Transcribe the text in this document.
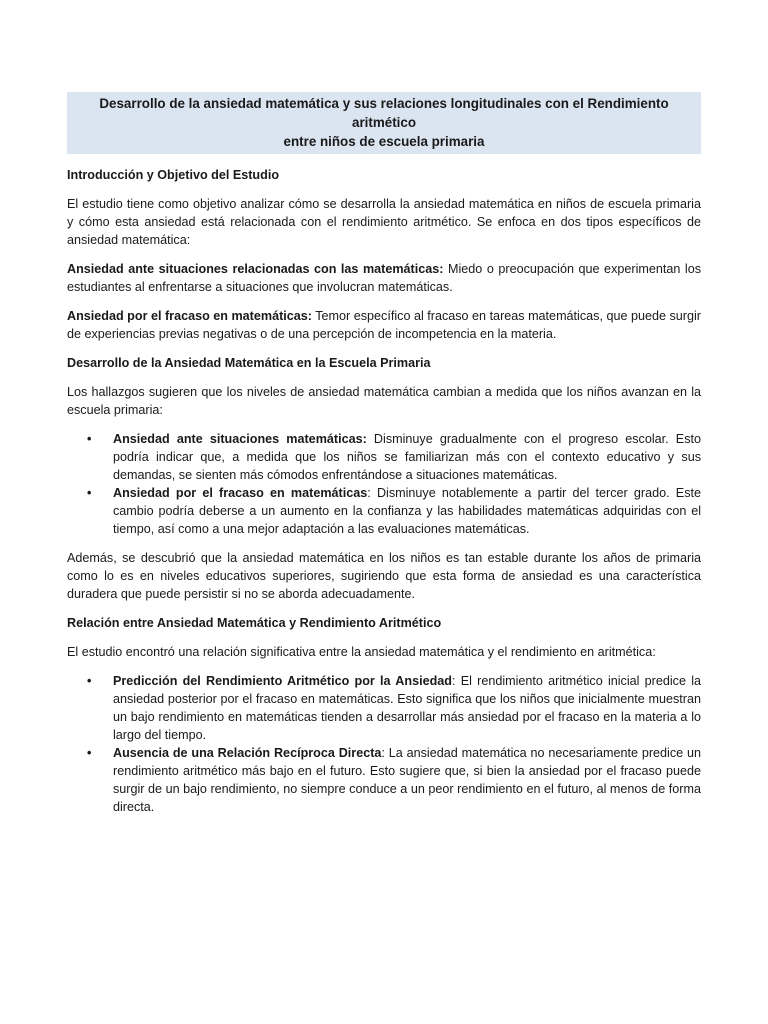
Desarrollo de la ansiedad matemática y sus relaciones longitudinales con el Rendimiento aritmético
entre niños de escuela primaria
Introducción y Objetivo del Estudio

El estudio tiene como objetivo analizar cómo se desarrolla la ansiedad matemática en niños de escuela primaria y cómo esta ansiedad está relacionada con el rendimiento aritmético. Se enfoca en dos tipos específicos de ansiedad matemática:

Ansiedad ante situaciones relacionadas con las matemáticas: Miedo o preocupación que experimentan los estudiantes al enfrentarse a situaciones que involucran matemáticas.

Ansiedad por el fracaso en matemáticas: Temor específico al fracaso en tareas matemáticas, que puede surgir de experiencias previas negativas o de una percepción de incompetencia en la materia.

Desarrollo de la Ansiedad Matemática en la Escuela Primaria

Los hallazgos sugieren que los niveles de ansiedad matemática cambian a medida que los niños avanzan en la escuela primaria:

• Ansiedad ante situaciones matemáticas: Disminuye gradualmente con el progreso escolar. Esto podría indicar que, a medida que los niños se familiarizan más con el contexto educativo y sus demandas, se sienten más cómodos enfrentándose a situaciones matemáticas.
• Ansiedad por el fracaso en matemáticas: Disminuye notablemente a partir del tercer grado. Este cambio podría deberse a un aumento en la confianza y las habilidades matemáticas adquiridas con el tiempo, así como a una mejor adaptación a las evaluaciones matemáticas.

Además, se descubrió que la ansiedad matemática en los niños es tan estable durante los años de primaria como lo es en niveles educativos superiores, sugiriendo que esta forma de ansiedad es una característica duradera que puede persistir si no se aborda adecuadamente.

Relación entre Ansiedad Matemática y Rendimiento Aritmético

El estudio encontró una relación significativa entre la ansiedad matemática y el rendimiento en aritmética:

• Predicción del Rendimiento Aritmético por la Ansiedad: El rendimiento aritmético inicial predice la ansiedad posterior por el fracaso en matemáticas. Esto significa que los niños que inicialmente muestran un bajo rendimiento en matemáticas tienden a desarrollar más ansiedad por el fracaso en la materia a lo largo del tiempo.
• Ausencia de una Relación Recíproca Directa: La ansiedad matemática no necesariamente predice un rendimiento aritmético más bajo en el futuro. Esto sugiere que, si bien la ansiedad por el fracaso puede surgir de un bajo rendimiento, no siempre conduce a un peor rendimiento en el futuro, al menos de forma directa.
